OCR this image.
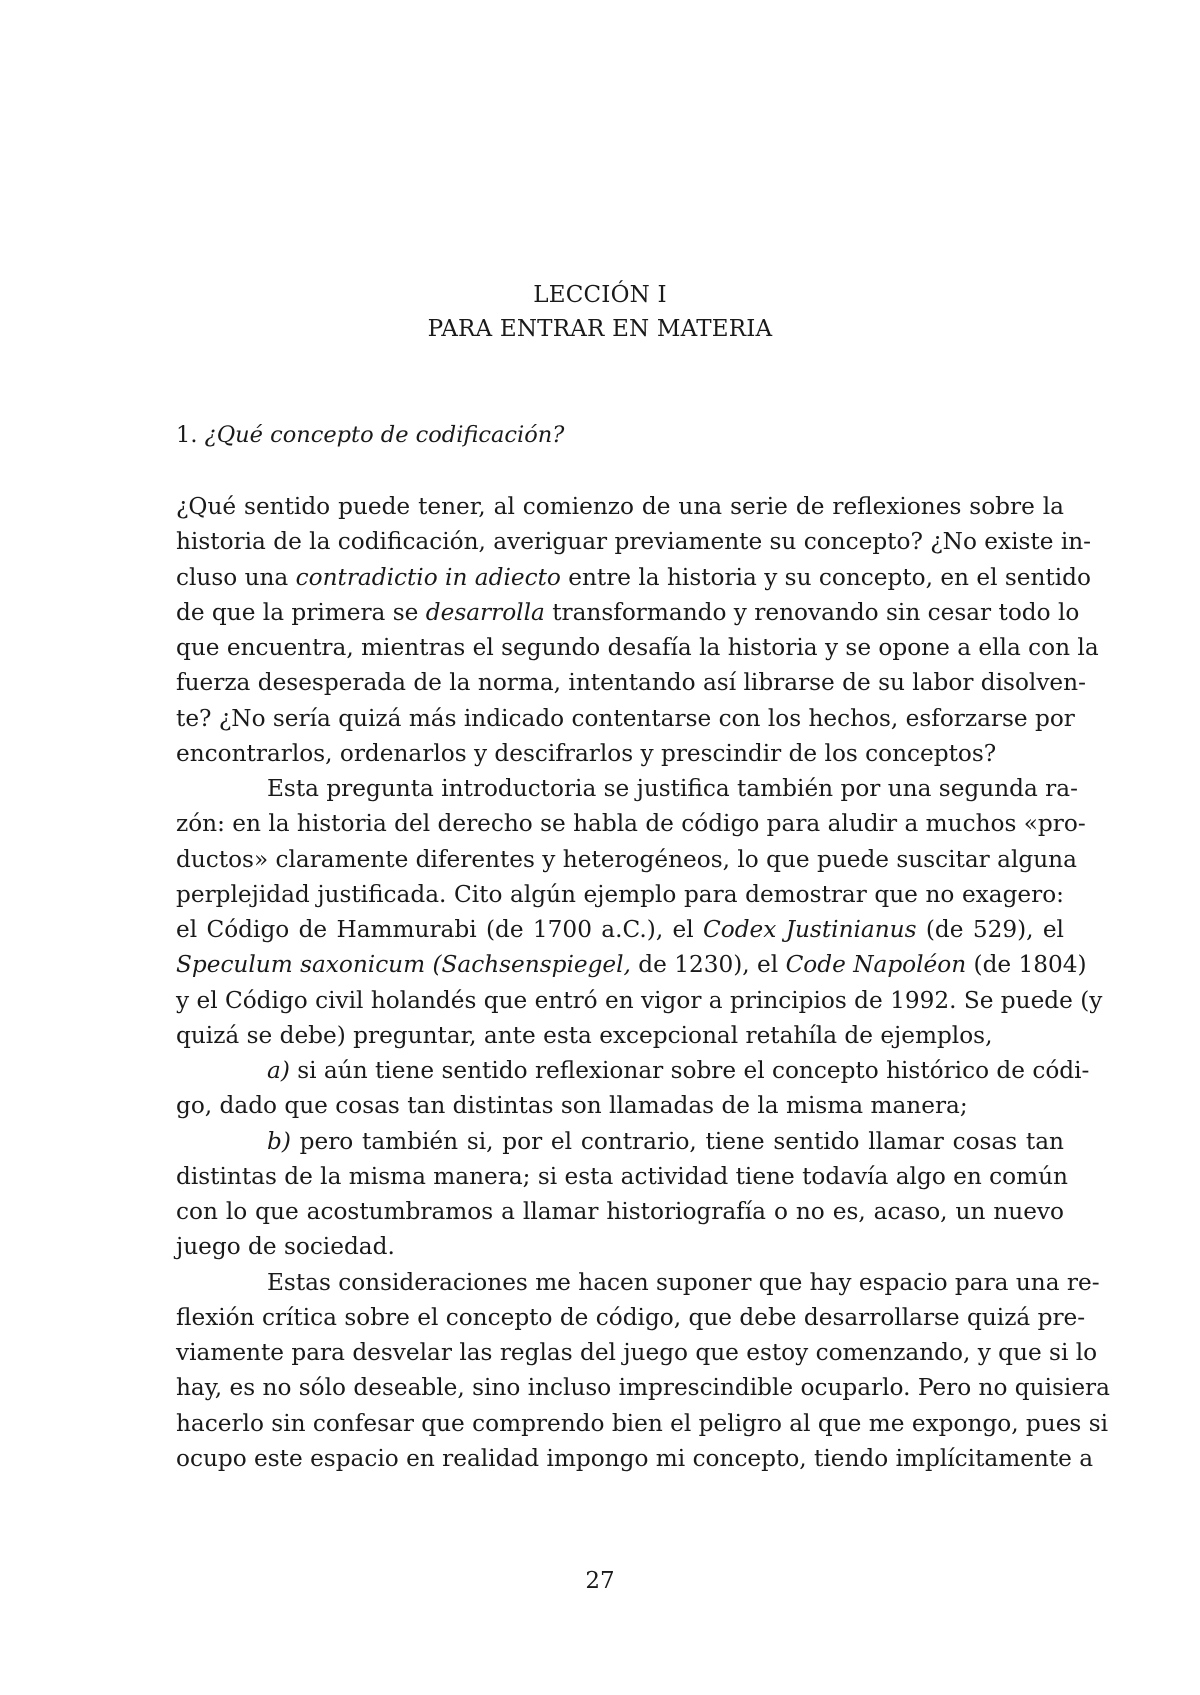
LECCIÓN I
PARA ENTRAR EN MATERIA
1. ¿Qué concepto de codificación?
¿Qué sentido puede tener, al comienzo de una serie de reflexiones sobre la
historia de la codificación, averiguar previamente su concepto? ¿No existe in-
cluso una contradictio in adiecto entre la historia y su concepto, en el sentido
de que la primera se desarrolla transformando y renovando sin cesar todo lo
que encuentra, mientras el segundo desafía la historia y se opone a ella con la
fuerza desesperada de la norma, intentando así librarse de su labor disolven-
te? ¿No sería quizá más indicado contentarse con los hechos, esforzarse por
encontrarlos, ordenarlos y descifrarlos y prescindir de los conceptos?
Esta pregunta introductoria se justifica también por una segunda ra-
zón: en la historia del derecho se habla de código para aludir a muchos «pro-
ductos» claramente diferentes y heterogéneos, lo que puede suscitar alguna
perplejidad justificada. Cito algún ejemplo para demostrar que no exagero:
el Código de Hammurabi (de 1700 a.C.), el Codex Justinianus (de 529), el
Speculum saxonicum (Sachsenspiegel, de 1230), el Code Napoléon (de 1804)
y el Código civil holandés que entró en vigor a principios de 1992. Se puede (y
quizá se debe) preguntar, ante esta excepcional retahíla de ejemplos,
a) si aún tiene sentido reflexionar sobre el concepto histórico de códi-
go, dado que cosas tan distintas son llamadas de la misma manera;
b) pero también si, por el contrario, tiene sentido llamar cosas tan
distintas de la misma manera; si esta actividad tiene todavía algo en común
con lo que acostumbramos a llamar historiografía o no es, acaso, un nuevo
juego de sociedad.
Estas consideraciones me hacen suponer que hay espacio para una re-
flexión crítica sobre el concepto de código, que debe desarrollarse quizá pre-
viamente para desvelar las reglas del juego que estoy comenzando, y que si lo
hay, es no sólo deseable, sino incluso imprescindible ocuparlo. Pero no quisiera
hacerlo sin confesar que comprendo bien el peligro al que me expongo, pues si
ocupo este espacio en realidad impongo mi concepto, tiendo implícitamente a
27
